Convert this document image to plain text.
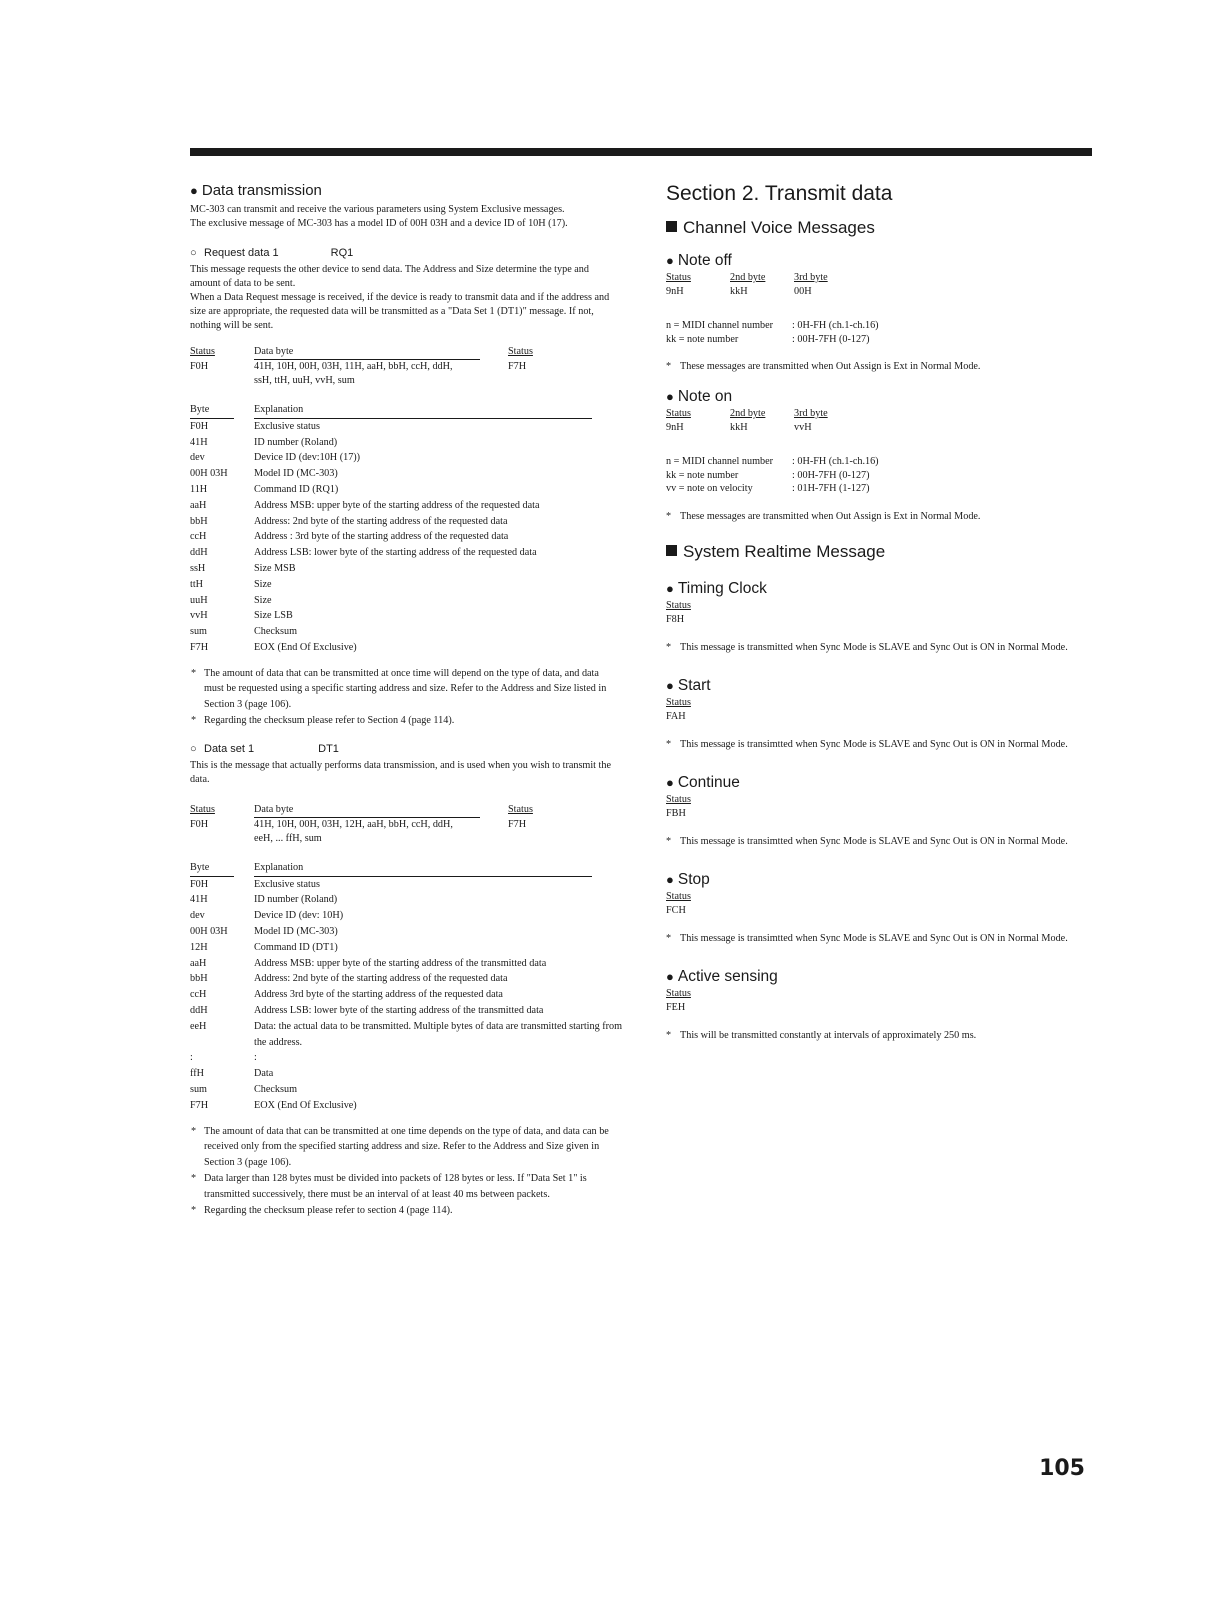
● Data transmission

MC-303 can transmit and receive the various parameters using System Exclusive messages.

The exclusive message of MC-303 has a model ID of 00H 03H and a device ID of 10H (17).

○ Request data 1	RQ1

This message requests the other device to send data. The Address and Size determine the type and amount of data to be sent.

When a Data Request message is received, if the device is ready to transmit data and if the address and size are appropriate, the requested data will be transmitted as a "Data Set 1 (DT1)" message. If not, nothing will be sent.

Status	Data byte	Status
F0H	41H, 10H, 00H, 03H, 11H, aaH, bbH, ccH, ddH,	F7H
ssH, ttH, uuH, vvH, sum
Byte	Explanation
F0H	Exclusive status
41H	ID number (Roland)
dev	Device ID (dev:10H (17))
00H 03H	Model ID (MC-303)
11H	Command ID (RQ1)
aaH	Address MSB: upper byte of the starting address of the requested data
bbH	Address: 2nd byte of the starting address of the requested data
ccH	Address : 3rd byte of the starting address of the requested data
ddH	Address LSB: lower byte of the starting address of the requested data
ssH	Size MSB
ttH	Size
uuH	Size
vvH	Size LSB
sum	Checksum
F7H	EOX (End Of Exclusive)
* The amount of data that can be transmitted at once time will depend on the type of data, and data must be requested using a specific starting address and size. Refer to the Address and Size listed in Section 3 (page 106).
* Regarding the checksum please refer to Section 4 (page 114).
○ Data set 1	DT1

This is the message that actually performs data transmission, and is used when you wish to transmit the data.

Status	Data byte	Status
F0H	41H, 10H, 00H, 03H, 12H, aaH, bbH, ccH, ddH,	F7H
eeH, ... ffH, sum
Byte	Explanation
F0H	Exclusive status
41H	ID number (Roland)
dev	Device ID (dev: 10H)
00H 03H	Model ID (MC-303)
12H	Command ID (DT1)
aaH	Address MSB: upper byte of the starting address of the transmitted data
bbH	Address: 2nd byte of the starting address of the requested data
ccH	Address 3rd byte of the starting address of the requested data
ddH	Address LSB: lower byte of the starting address of the transmitted data
eeH	Data: the actual data to be transmitted. Multiple bytes of data are transmitted starting from the address.
:	:
ffH	Data
sum	Checksum
F7H	EOX (End Of Exclusive)
* The amount of data that can be transmitted at one time depends on the type of data, and data can be received only from the specified starting address and size. Refer to the Address and Size given in Section 3 (page 106).
* Data larger than 128 bytes must be divided into packets of 128 bytes or less. If "Data Set 1" is transmitted successively, there must be an interval of at least 40 ms between packets.
* Regarding the checksum please refer to section 4 (page 114).
Section 2. Transmit data
Channel Voice Messages
● Note off
Status	2nd byte	3rd byte
9nH	kkH	00H
n = MIDI channel number	: 0H-FH (ch.1-ch.16)
kk = note number	: 00H-7FH (0-127)

* These messages are transmitted when Out Assign is Ext in Normal Mode.

● Note on
Status	2nd byte	3rd byte
9nH	kkH	vvH
n = MIDI channel number	: 0H-FH (ch.1-ch.16)
kk = note number	: 00H-7FH (0-127)
vv = note on velocity	: 01H-7FH (1-127)

* These messages are transmitted when Out Assign is Ext in Normal Mode.

System Realtime Message
● Timing Clock
Status
F8H

* This message is transmitted when Sync Mode is SLAVE and Sync Out is ON in Normal Mode.

● Start
Status
FAH

* This message is transimtted when Sync Mode is SLAVE and Sync Out is ON in Normal Mode.

● Continue
Status
FBH

* This message is transimtted when Sync Mode is SLAVE and Sync Out is ON in Normal Mode.

● Stop
Status
FCH

* This message is transimtted when Sync Mode is SLAVE and Sync Out is ON in Normal Mode.

● Active sensing
Status
FEH

* This will be transmitted constantly at intervals of approximately 250 ms.

105
